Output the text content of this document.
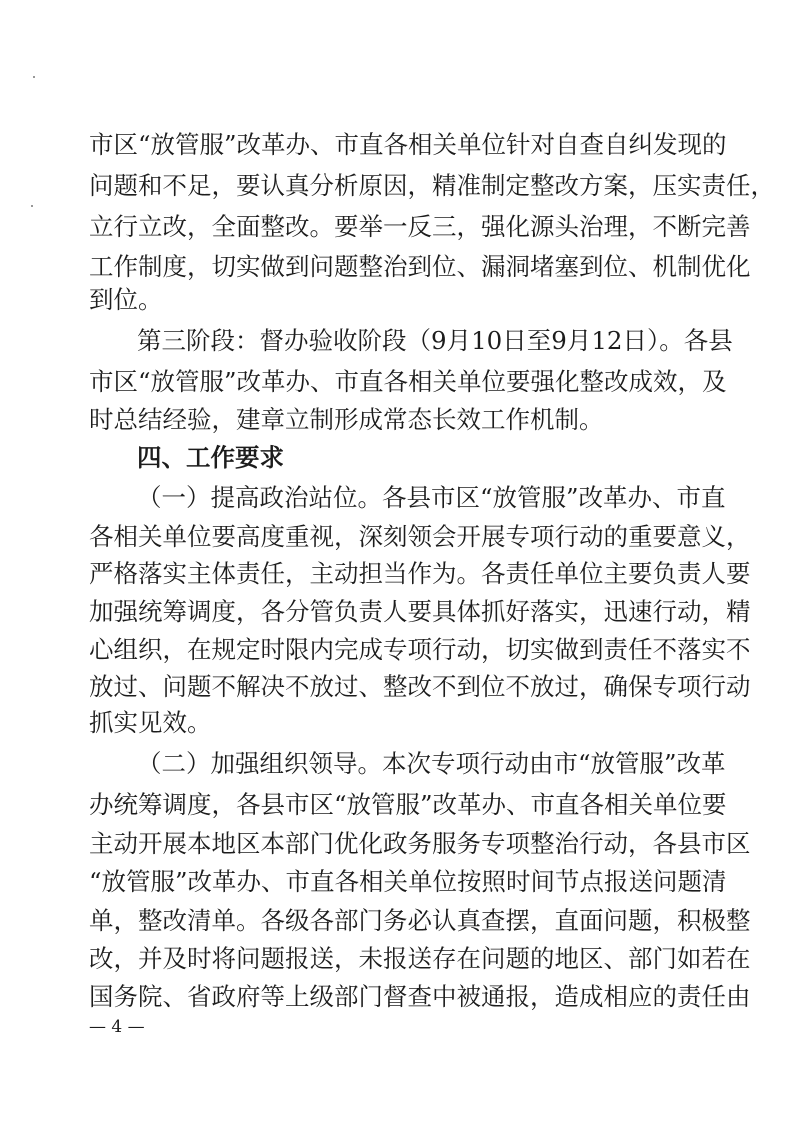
市区“放管服”改革办、市直各相关单位针对自查自纠发现的
问题和不足，要认真分析原因，精准制定整改方案，压实责任，
立行立改，全面整改。要举一反三，强化源头治理，不断完善
工作制度，切实做到问题整治到位、漏洞堵塞到位、机制优化
到位。
第三阶段：督办验收阶段（9月10日至9月12日）。各县
市区“放管服”改革办、市直各相关单位要强化整改成效，及
时总结经验，建章立制形成常态长效工作机制。
四、工作要求
（一）提高政治站位。各县市区“放管服”改革办、市直
各相关单位要高度重视，深刻领会开展专项行动的重要意义，
严格落实主体责任，主动担当作为。各责任单位主要负责人要
加强统筹调度，各分管负责人要具体抓好落实，迅速行动，精
心组织，在规定时限内完成专项行动，切实做到责任不落实不
放过、问题不解决不放过、整改不到位不放过，确保专项行动
抓实见效。
（二）加强组织领导。本次专项行动由市“放管服”改革
办统筹调度，各县市区“放管服”改革办、市直各相关单位要
主动开展本地区本部门优化政务服务专项整治行动，各县市区
“放管服”改革办、市直各相关单位按照时间节点报送问题清
单，整改清单。各级各部门务必认真查摆，直面问题，积极整
改，并及时将问题报送，未报送存在问题的地区、部门如若在
国务院、省政府等上级部门督查中被通报，造成相应的责任由
— 4 —
